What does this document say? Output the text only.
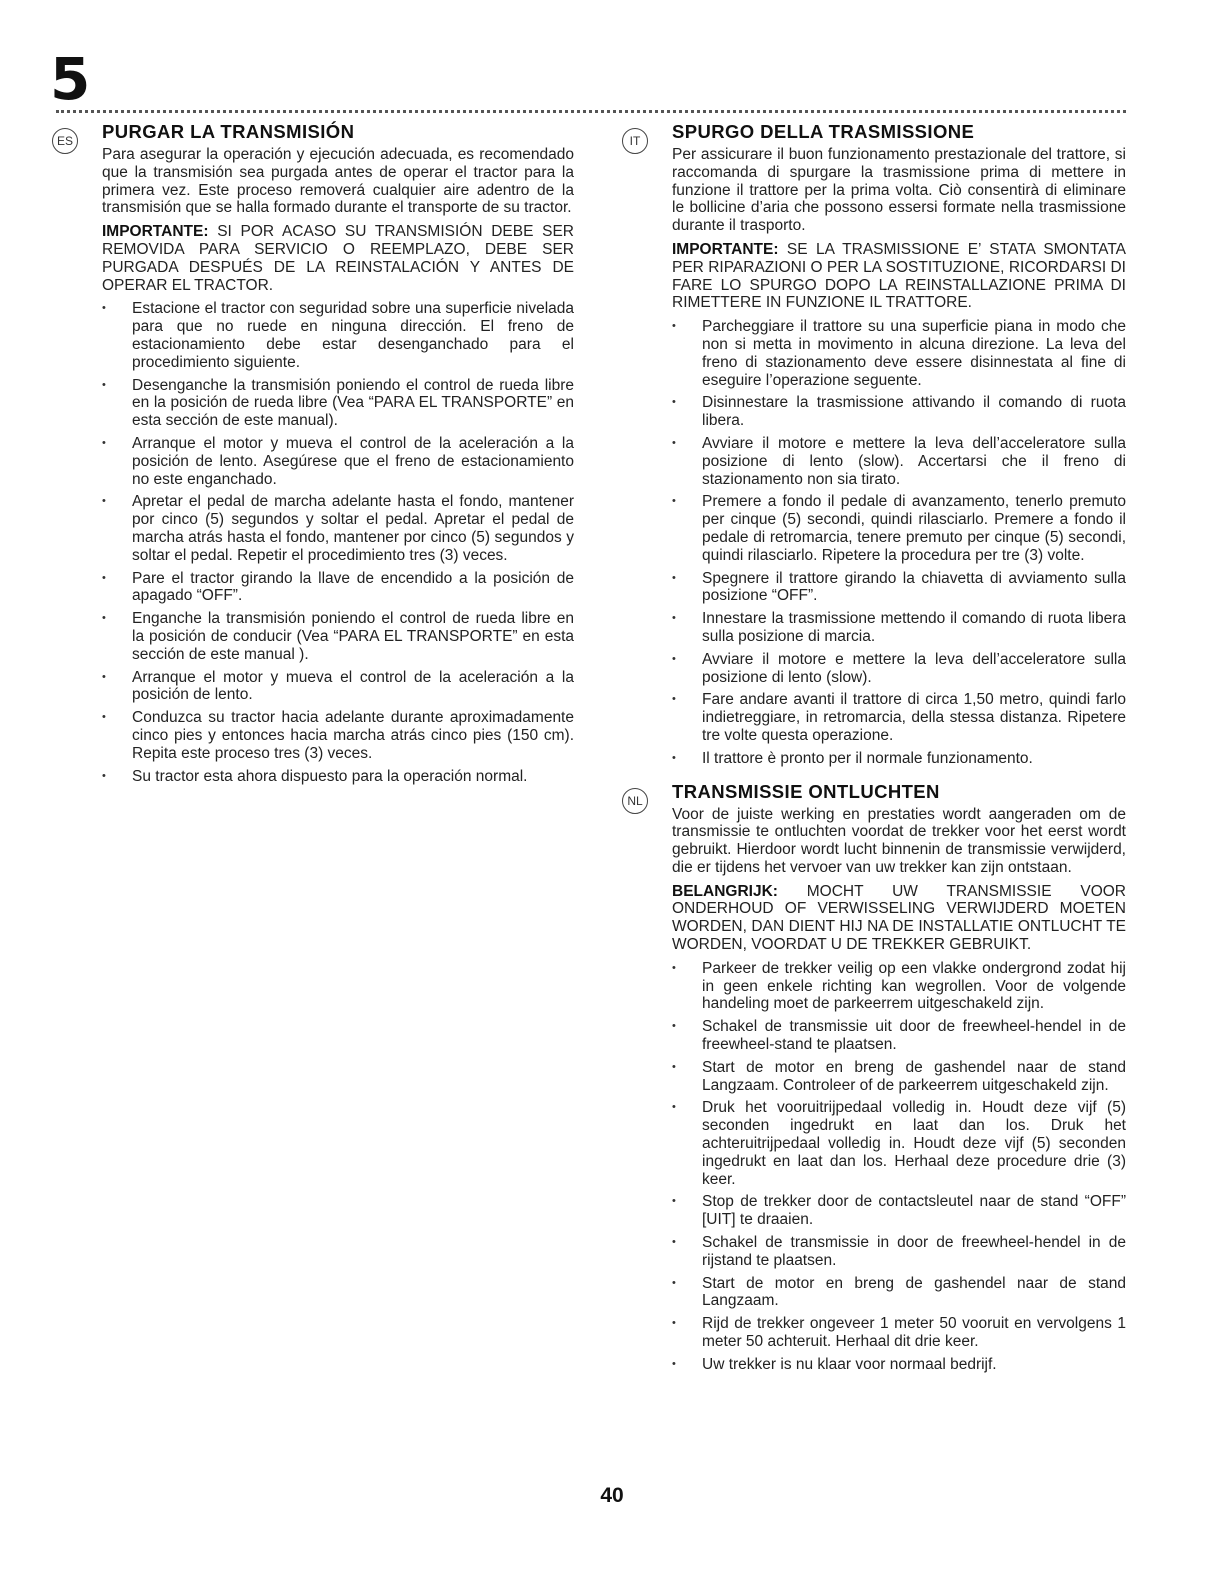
5
ES PURGAR LA TRANSMISIÓN

Para asegurar la operación y ejecución adecuada, es recomendado que la transmisión sea purgada antes de operar el tractor para la primera vez. Este proceso removerá cualquier aire adentro de la transmisión que se halla formado durante el transporte de su tractor.

IMPORTANTE: SI POR ACASO SU TRANSMISIÓN DEBE SER REMOVIDA PARA SERVICIO O REEMPLAZO, DEBE SER PURGADA DESPUÉS DE LA REINSTALACIÓN Y ANTES DE OPERAR EL TRACTOR.

• Estacione el tractor con seguridad sobre una superficie nivelada para que no ruede en ninguna dirección. El freno de estacionamiento debe estar desenganchado para el procedimiento siguiente.
• Desenganche la transmisión poniendo el control de rueda libre en la posición de rueda libre (Vea “PARA EL TRANSPORTE” en esta sección de este manual).
• Arranque el motor y mueva el control de la aceleración a la posición de lento. Asegúrese que el freno de estacionamiento no este enganchado.
• Apretar el pedal de marcha adelante hasta el fondo, mantener por cinco (5) segundos y soltar el pedal. Apretar el pedal de marcha atrás hasta el fondo, mantener por cinco (5) segundos y soltar el pedal. Repetir el procedimiento tres (3) veces.
• Pare el tractor girando la llave de encendido a la posición de apagado “OFF”.
• Enganche la transmisión poniendo el control de rueda libre en la posición de conducir (Vea “PARA EL TRANSPORTE” en esta sección de este manual ).
• Arranque el motor y mueva el control de la aceleración a la posición de lento.
• Conduzca su tractor hacia adelante durante aproximadamente cinco pies y entonces hacia marcha atrás cinco pies (150 cm). Repita este proceso tres (3) veces.
• Su tractor esta ahora dispuesto para la operación normal.
IT	SPURGO DELLA TRASMISSIONE

Per assicurare il buon funzionamento prestazionale del trattore, si raccomanda di spurgare la trasmissione prima di mettere in funzione il trattore per la prima volta. Ciò consentirà di eliminare le bollicine d’aria che possono essersi formate nella trasmissione durante il trasporto.

IMPORTANTE: SE LA TRASMISSIONE E’ STATA SMONTATA PER RIPARAZIONI O PER LA SOSTITUZIONE, RICORDARSI DI FARE LO SPURGO DOPO LA REINSTALLAZIONE PRIMA DI RIMETTERE IN FUNZIONE IL TRATTORE.

• Parcheggiare il trattore su una superficie piana in modo che non si metta in movimento in alcuna direzione. La leva del freno di stazionamento deve essere disinnestata al fine di eseguire l’operazione seguente.
• Disinnestare la trasmissione attivando il comando di ruota libera.
• Avviare il motore e mettere la leva dell’acceleratore sulla posizione di lento (slow). Accertarsi che il freno di stazionamento non sia tirato.
• Premere a fondo il pedale di avanzamento, tenerlo premuto per cinque (5) secondi, quindi rilasciarlo. Premere a fondo il pedale di retromarcia, tenere premuto per cinque (5) secondi, quindi rilasciarlo. Ripetere la procedura per tre (3) volte.
• Spegnere il trattore girando la chiavetta di avviamento sulla posizione “OFF”.
• Innestare la trasmissione mettendo il comando di ruota libera sulla posizione di marcia.
• Avviare il motore e mettere la leva dell’acceleratore sulla posizione di lento (slow).
• Fare andare avanti il trattore di circa 1,50 metro, quindi farlo indietreggiare, in retromarcia, della stessa distanza. Ripetere tre volte questa operazione.
• Il trattore è pronto per il normale funzionamento.
NL TRANSMISSIE ONTLUCHTEN

Voor de juiste werking en prestaties wordt aangeraden om de transmissie te ontluchten voordat de trekker voor het eerst wordt gebruikt. Hierdoor wordt lucht binnenin de transmissie verwijderd, die er tijdens het vervoer van uw trekker kan zijn ontstaan.

BELANGRIJK: MOCHT UW TRANSMISSIE VOOR ONDERHOUD OF VERWISSELING VERWIJDERD MOETEN WORDEN, DAN DIENT HIJ NA DE INSTALLATIE ONTLUCHT TE WORDEN, VOORDAT U DE TREKKER GEBRUIKT.

• Parkeer de trekker veilig op een vlakke ondergrond zodat hij in geen enkele richting kan wegrollen. Voor de volgende handeling moet de parkeerrem uitgeschakeld zijn.
• Schakel de transmissie uit door de freewheel-hendel in de freewheel-stand te plaatsen.
• Start de motor en breng de gashendel naar de stand Langzaam. Controleer of de parkeerrem uitgeschakeld zijn.
• Druk het vooruitrijpedaal volledig in. Houdt deze vijf (5) seconden ingedrukt en laat dan los. Druk het achteruitrijpedaal volledig in. Houdt deze vijf (5) seconden ingedrukt en laat dan los. Herhaal deze procedure drie (3) keer.
• Stop de trekker door de contactsleutel naar de stand “OFF” [UIT] te draaien.
• Schakel de transmissie in door de freewheel-hendel in de rijstand te plaatsen.
• Start de motor en breng de gashendel naar de stand Langzaam.
• Rijd de trekker ongeveer 1 meter 50 vooruit en vervolgens 1 meter 50 achteruit. Herhaal dit drie keer.
• Uw trekker is nu klaar voor normaal bedrijf.

40
